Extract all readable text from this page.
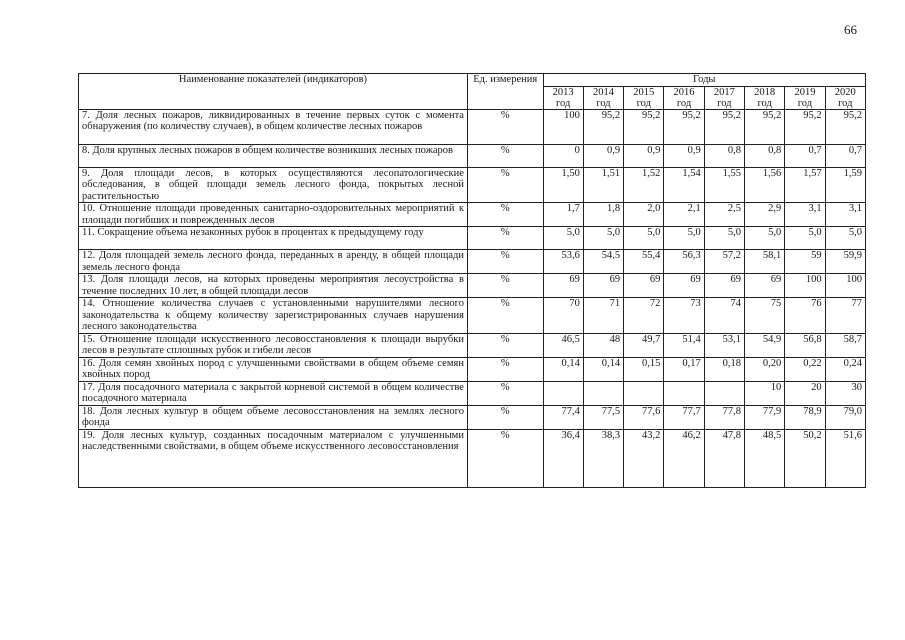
66
Наименование показателей (индикаторов)	Ед. измерения	Годы							
		2013 год	2014 год	2015 год	2016 год	2017 год	2018 год	2019 год	2020 год
7. Доля лесных пожаров, ликвидированных в течение первых суток с момента обнаружения (по количеству случаев), в общем количестве лесных пожаров	%	100	95,2	95,2	95,2	95,2	95,2	95,2	95,2
8. Доля крупных лесных пожаров в общем количестве возникших лесных пожаров	%	0	0,9	0,9	0,9	0,8	0,8	0,7	0,7
9. Доля площади лесов, в которых осуществляются лесопатологические обследования, в общей площади земель лесного фонда, покрытых лесной растительностью	%	1,50	1,51	1,52	1,54	1,55	1,56	1,57	1,59
10. Отношение площади проведенных санитарно-оздоровительных мероприятий к площади погибших и поврежденных лесов	%	1,7	1,8	2,0	2,1	2,5	2,9	3,1	3,1
11. Сокращение объема незаконных рубок в процентах к предыдущему году	%	5,0	5,0	5,0	5,0	5,0	5,0	5,0	5,0
12. Доля площадей земель лесного фонда, переданных в аренду, в общей площади земель лесного фонда	%	53,6	54,5	55,4	56,3	57,2	58,1	59	59,9
13. Доля площади лесов, на которых проведены мероприятия лесоустройства в течение последних 10 лет, в общей площади лесов	%	69	69	69	69	69	69	100	100
14. Отношение количества случаев с установленными нарушителями лесного законодательства к общему количеству зарегистрированных случаев нарушения лесного законодательства	%	70	71	72	73	74	75	76	77
15. Отношение площади искусственного лесовосстановления к площади вырубки лесов в результате сплошных рубок и гибели лесов	%	46,5	48	49,7	51,4	53,1	54,9	56,8	58,7
16. Доля семян хвойных пород с улучшенными свойствами в общем объеме семян хвойных пород	%	0,14	0,14	0,15	0,17	0,18	0,20	0,22	0,24
17. Доля посадочного материала с закрытой корневой системой в общем количестве посадочного материала	%						10	20	30
18. Доля лесных культур в общем объеме лесовосстановления на землях лесного фонда	%	77,4	77,5	77,6	77,7	77,8	77,9	78,9	79,0
19. Доля лесных культур, созданных посадочным материалом с улучшенными наследственными свойствами, в общем объеме искусственного лесовосстановления	%	36,4	38,3	43,2	46,2	47,8	48,5	50,2	51,6
